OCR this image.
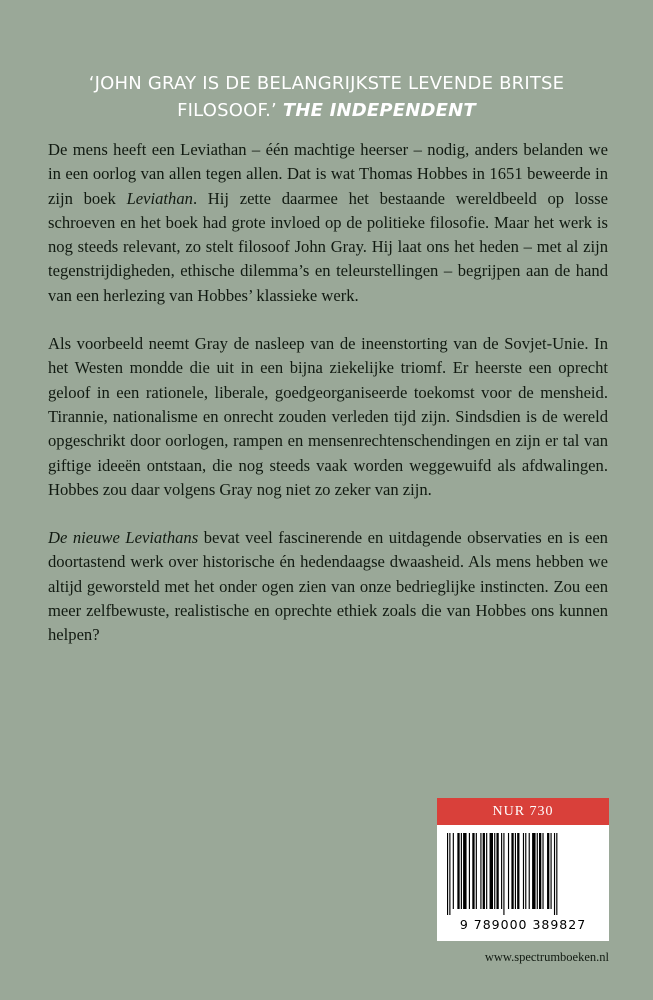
‘JOHN GRAY IS DE BELANGRIJKSTE LEVENDE BRITSE FILOSOOF.’ THE INDEPENDENT

De mens heeft een Leviathan – één machtige heerser – nodig, anders belanden we in een oorlog van allen tegen allen. Dat is wat Thomas Hobbes in 1651 beweerde in zijn boek Leviathan. Hij zette daarmee het bestaande wereldbeeld op losse schroeven en het boek had grote invloed op de politieke filosofie. Maar het werk is nog steeds relevant, zo stelt filosoof John Gray. Hij laat ons het heden – met al zijn tegenstrijdigheden, ethische dilemma’s en teleurstellingen – begrijpen aan de hand van een herlezing van Hobbes’ klassieke werk.

Als voorbeeld neemt Gray de nasleep van de ineenstorting van de Sovjet-Unie. In het Westen mondde die uit in een bijna ziekelijke triomf. Er heerste een oprecht geloof in een rationele, liberale, goedgeorganiseerde toekomst voor de mensheid. Tirannie, nationalisme en onrecht zouden verleden tijd zijn. Sindsdien is de wereld opgeschrikt door oorlogen, rampen en mensenrechtenschendingen en zijn er tal van giftige ideeën ontstaan, die nog steeds vaak worden weggewuifd als afdwalingen. Hobbes zou daar volgens Gray nog niet zo zeker van zijn.

De nieuwe Leviathans bevat veel fascinerende en uitdagende observaties en is een doortastend werk over historische én hedendaagse dwaasheid. Als mens hebben we altijd geworsteld met het onder ogen zien van onze bedrieglijke instincten. Zou een meer zelfbewuste, realistische en oprechte ethiek zoals die van Hobbes ons kunnen helpen?

NUR 730
9 789000 389827
www.spectrumboeken.nl
